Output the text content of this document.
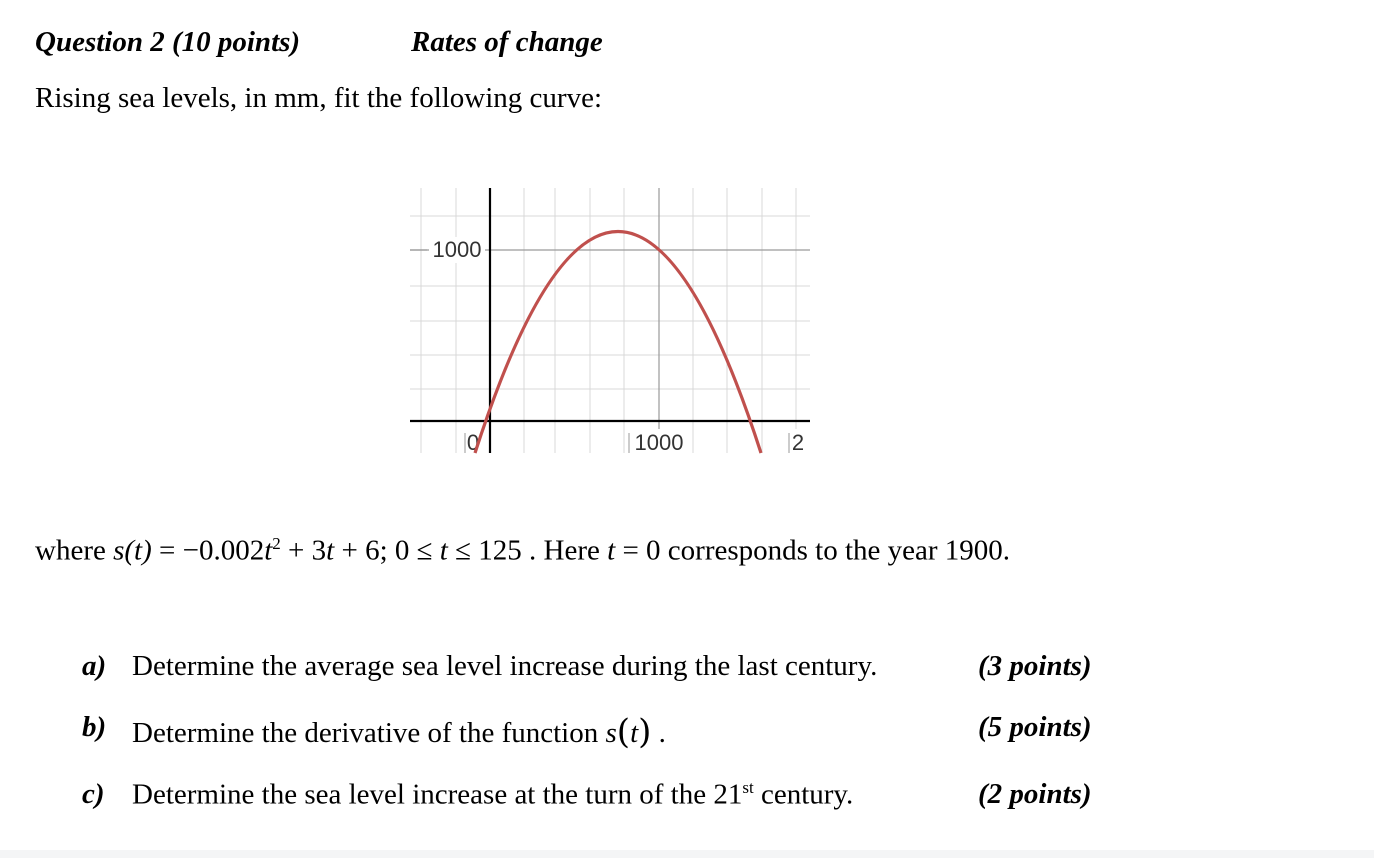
Question 2 (10 points)	Rates of change
Rising sea levels, in mm, fit the following curve:
1000
0	1000	2
where $s(t) = -0.002t^2 + 3t + 6$; 0 ≤ t ≤ 125 . Here t = 0 corresponds to the year 1900.
a) Determine the average sea level increase during the last century.	(3 points)
b) Determine the derivative of the function s(t) .	(5 points)
c) Determine the sea level increase at the turn of the 21st century.	(2 points)
